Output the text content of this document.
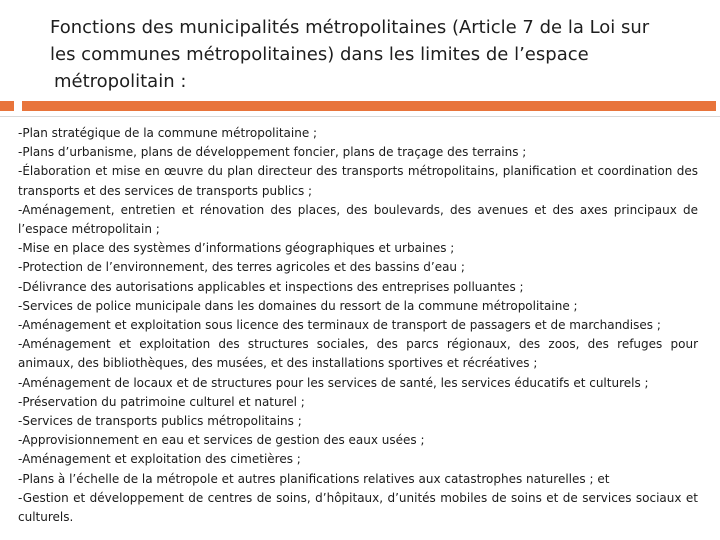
Fonctions des municipalités métropolitaines (Article 7 de la Loi sur
les communes métropolitaines) dans les limites de l’espace
métropolitain :

-Plan stratégique de la commune métropolitaine ;

-Plans d’urbanisme, plans de développement foncier, plans de traçage des terrains ;

-Élaboration et mise en œuvre du plan directeur des transports métropolitains, planification et coordination des transports et des services de transports publics ;

-Aménagement, entretien et rénovation des places, des boulevards, des avenues et des axes principaux de l’espace métropolitain ;

-Mise en place des systèmes d’informations géographiques et urbaines ;

-Protection de l’environnement, des terres agricoles et des bassins d’eau ;

-Délivrance des autorisations applicables et inspections des entreprises polluantes ;

-Services de police municipale dans les domaines du ressort de la commune métropolitaine ;

-Aménagement et exploitation sous licence des terminaux de transport de passagers et de marchandises ;

-Aménagement et exploitation des structures sociales, des parcs régionaux, des zoos, des refuges pour animaux, des bibliothèques, des musées, et des installations sportives et récréatives ;

-Aménagement de locaux et de structures pour les services de santé, les services éducatifs et culturels ;

-Préservation du patrimoine culturel et naturel ;

-Services de transports publics métropolitains ;

-Approvisionnement en eau et services de gestion des eaux usées ;

-Aménagement et exploitation des cimetières ;

-Plans à l’échelle de la métropole et autres planifications relatives aux catastrophes naturelles ; et

-Gestion et développement de centres de soins, d’hôpitaux, d’unités mobiles de soins et de services sociaux et culturels.
